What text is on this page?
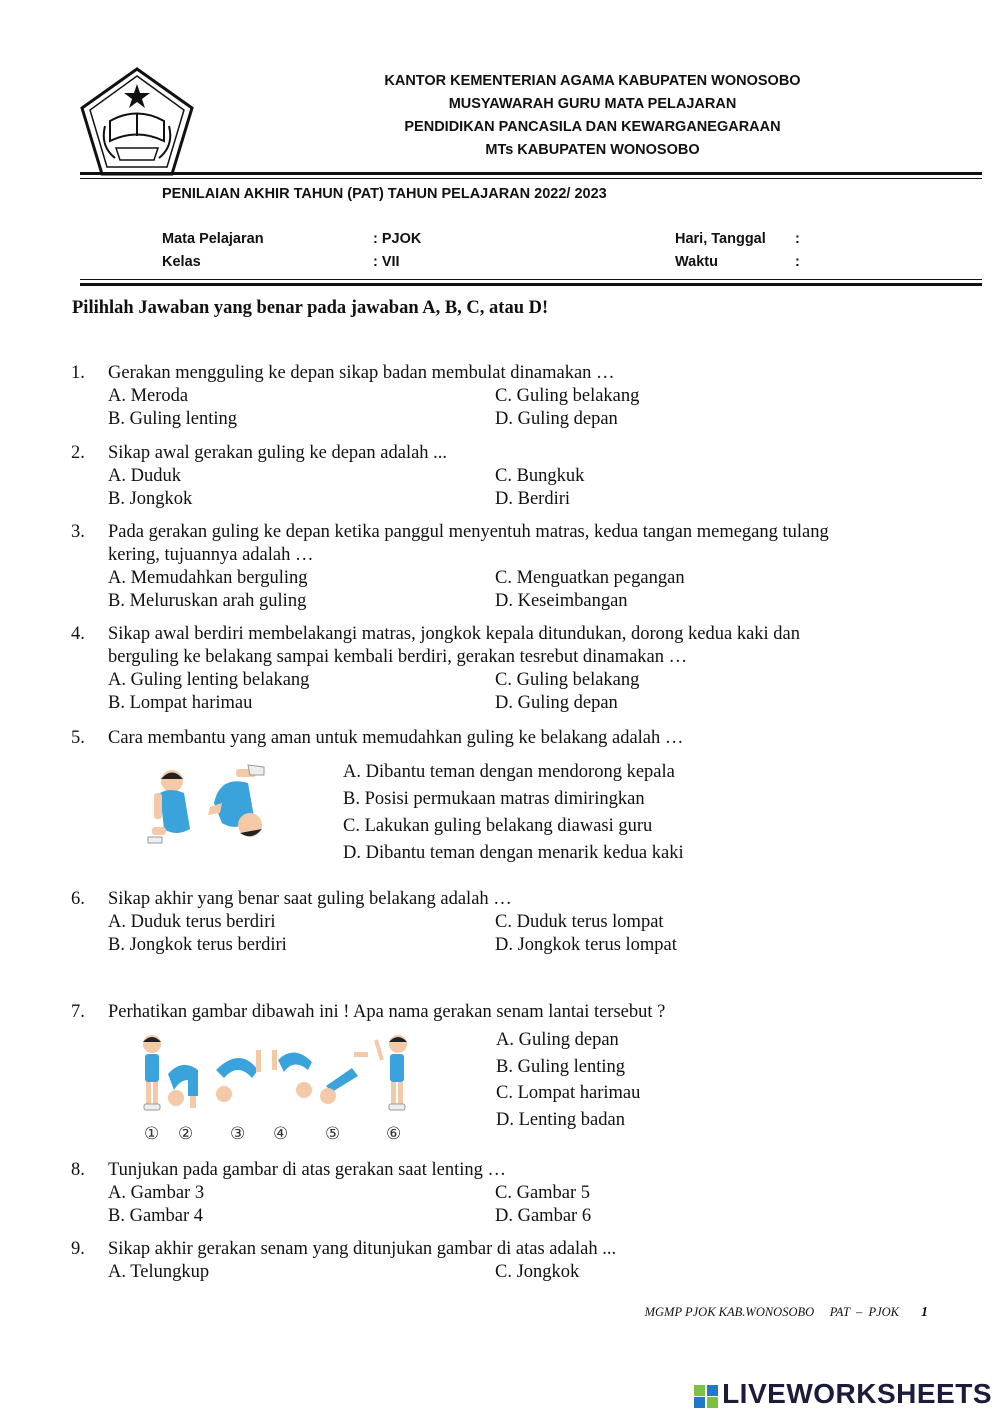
KANTOR KEMENTERIAN AGAMA KABUPATEN WONOSOBO
MUSYAWARAH GURU MATA PELAJARAN
PENDIDIKAN PANCASILA DAN KEWARGANEGARAAN
MTs KABUPATEN WONOSOBO
PENILAIAN AKHIR TAHUN (PAT) TAHUN PELAJARAN 2022/ 2023
Mata Pelajaran	: PJOK	Hari, Tanggal :
Kelas	: VII	Waktu	:
Pilihlah Jawaban yang benar pada jawaban A, B, C, atau D!
1. Gerakan mengguling ke depan sikap badan membulat dinamakan …
A. Meroda	C. Guling belakang
B. Guling lenting	D. Guling depan
2. Sikap awal gerakan guling ke depan adalah ...
A. Duduk	C. Bungkuk
B. Jongkok	D. Berdiri
3. Pada gerakan guling ke depan ketika panggul menyentuh matras, kedua tangan memegang tulang
kering, tujuannya adalah …
A. Memudahkan berguling	C. Menguatkan pegangan
B. Meluruskan arah guling	D. Keseimbangan
4. Sikap awal berdiri membelakangi matras, jongkok kepala ditundukan, dorong kedua kaki dan
berguling ke belakang sampai kembali berdiri, gerakan tesrebut dinamakan …
A. Guling lenting belakang	C. Guling belakang
B. Lompat harimau	D. Guling depan
5. Cara membantu yang aman untuk memudahkan guling ke belakang adalah …
A. Dibantu teman dengan mendorong kepala
B. Posisi permukaan matras dimiringkan
C. Lakukan guling belakang diawasi guru
D. Dibantu teman dengan menarik kedua kaki
6. Sikap akhir yang benar saat guling belakang adalah …
A. Duduk terus berdiri	C. Duduk terus lompat
B. Jongkok terus berdiri	D. Jongkok terus lompat
7. Perhatikan gambar dibawah ini ! Apa nama gerakan senam lantai tersebut ?
① ② ③ ④ ⑤	⑥
A. Guling depan
B. Guling lenting
C. Lompat harimau
D. Lenting badan
8. Tunjukan pada gambar di atas gerakan saat lenting …
A. Gambar 3	C. Gambar 5
B. Gambar 4	D. Gambar 6
9. Sikap akhir gerakan senam yang ditunjukan gambar di atas adalah ...
A. Telungkup	C. Jongkok
MGMP PJOK KAB.WONOSOBO     PAT  –  PJOK 1
LIVEWORKSHEETS
